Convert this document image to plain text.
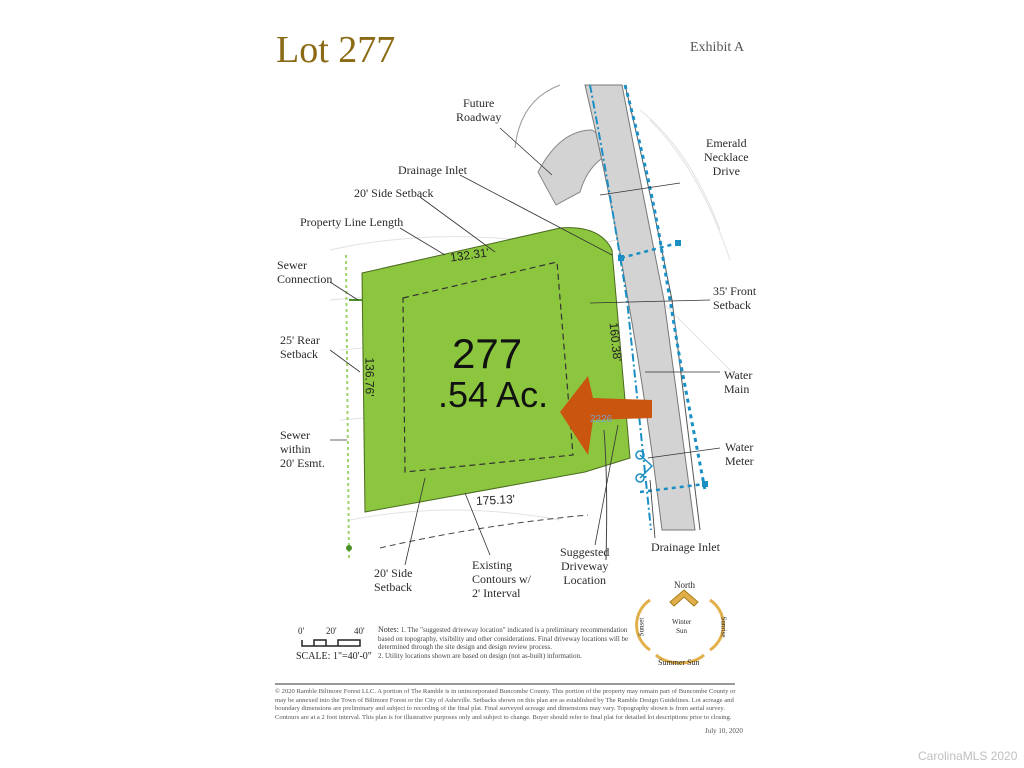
Lot 277	Exhibit A
277
.54 Ac.
132.31'
160.38'
136.76'
175.13'
2226
Future
Roadway
Emerald
Necklace
Drive
Drainage Inlet
20' Side Setback
Property Line Length
Sewer
Connection
35' Front
Setback
25' Rear
Setback
Water
Main
Water
Meter
Sewer
within
20' Esmt.
Drainage Inlet
Suggested
Driveway
Location
20' Side
Setback
Existing
Contours w/
2' Interval
North
Sunset	Sunrise
Winter
Sun
Summer Sun
0' 20' 40'
SCALE: 1"=40'-0"
Notes: 1. The "suggested driveway location" indicated is a preliminary recommendation based on topography, visibility and other considerations. Final driveway locations will be determined through the site design and design review process.
2. Utility locations shown are based on design (not as-built) information.
© 2020 Ramble Biltmore Forest LLC. A portion of The Ramble is in unincorporated Buncombe County. This portion of the property may remain part of Buncombe County or may be annexed into the Town of Biltmore Forest or the City of Asheville. Setbacks shown on this plan are as established by The Ramble Design Guidelines. Lot acreage and boundary dimensions are preliminary and subject to recording of the final plat. Final surveyed acreage and dimensions may vary. Topography shown is from aerial survey. Contours are at a 2 foot interval. This plan is for illustrative purposes only and subject to change. Buyer should refer to final plat for detailed lot descriptions prior to closing.
July 10, 2020
CarolinaMLS 2020
